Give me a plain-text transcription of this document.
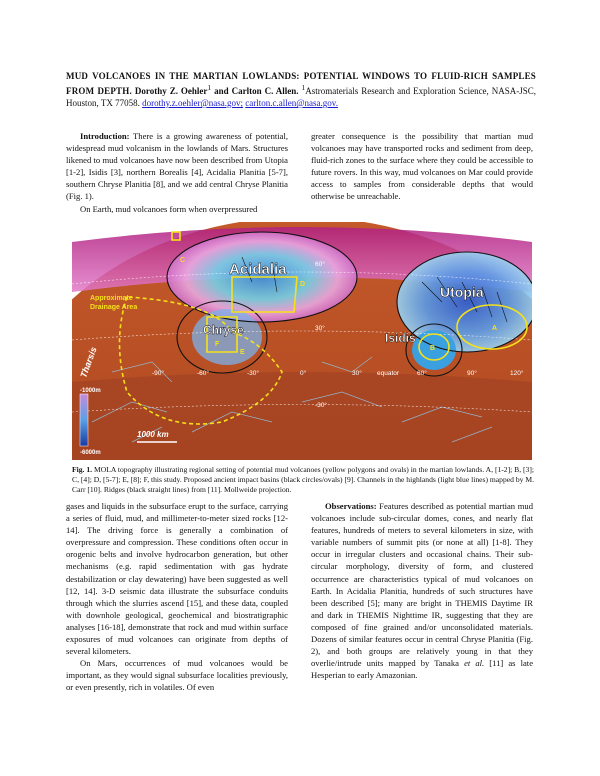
MUD VOLCANOES IN THE MARTIAN LOWLANDS: POTENTIAL WINDOWS TO FLUID-RICH SAMPLES FROM DEPTH. Dorothy Z. Oehler$^1$ and Carlton C. Allen. $^1$Astromaterials Research and Exploration Science, NASA-JSC, Houston, TX 77058. dorothy.z.oehler@nasa.gov; carlton.c.allen@nasa.gov.

Introduction: There is a growing awareness of potential, widespread mud volcanism in the lowlands of Mars. Structures likened to mud volcanoes have now been described from Utopia [1-2], Isidis [3], northern Borealis [4], Acidalia Planitia [5-7], southern Chryse Planitia [8], and we add central Chryse Planitia (Fig. 1).

On Earth, mud volcanoes form when overpressured

greater consequence is the possibility that martian mud volcanoes may have transported rocks and sediment from deep, fluid-rich zones to the surface where they could be accessible to future rovers. In this way, mud volcanoes on Mar could provide access to samples from considerable depths that would otherwise be unreachable.

Acidalia
Utopia
Chryse
Isidis
Approximate
Drainage Area
Tharsis
1000 km
-1000m
-6000m
D
A
B
C
F
E
60°
30°
-30°
-90°	-60°	-30°	0°	30° equator	60°	90°	120°
Fig. 1. MOLA topography illustrating regional setting of potential mud volcanoes (yellow polygons and ovals) in the martian lowlands. A, [1-2]; B, [3]; C, [4]; D, [5-7]; E, [8]; F, this study. Proposed ancient impact basins (black circles/ovals) [9]. Channels in the highlands (light blue lines) mapped by M. Carr [10]. Ridges (black straight lines) from [11]. Mollweide projection.

gases and liquids in the subsurface erupt to the surface, carrying a series of fluid, mud, and millimeter-to-meter sized rocks [12-14]. The driving force is generally a combination of overpressure and compression. These conditions often occur in orogenic belts and involve hydrocarbon generation, but other mechanisms (e.g. rapid sedimentation with gas hydrate destabilization or clay dewatering) have been suggested as well [12, 14]. 3-D seismic data illustrate the subsurface conduits through which the slurries ascend [15], and these data, coupled with downhole geological, geochemical and biostratigraphic analyses [16-18], demonstrate that rock and mud within surface exposures of mud volcanoes can originate from depths of several kilometers.

On Mars, occurrences of mud volcanoes would be important, as they would signal subsurface localities previously, or even presently, rich in volatiles. Of even

Observations: Features described as potential martian mud volcanoes include sub-circular domes, cones, and nearly flat features, hundreds of meters to several kilometers in size, with variable numbers of summit pits (or none at all) [1-8]. They occur in irregular clusters and occasional chains. Their sub-circular morphology, diversity of form, and clustered occurrence are characteristics typical of mud volcanoes on Earth. In Acidalia Planitia, hundreds of such structures have been described [5]; many are bright in THEMIS Daytime IR and dark in THEMIS Nighttime IR, suggesting that they are composed of fine grained and/or unconsolidated materials. Dozens of similar features occur in central Chryse Planitia (Fig. 2), and both groups are relatively young in that they overlie/intrude units mapped by Tanaka et al. [11] as late Hesperian to early Amazonian.
